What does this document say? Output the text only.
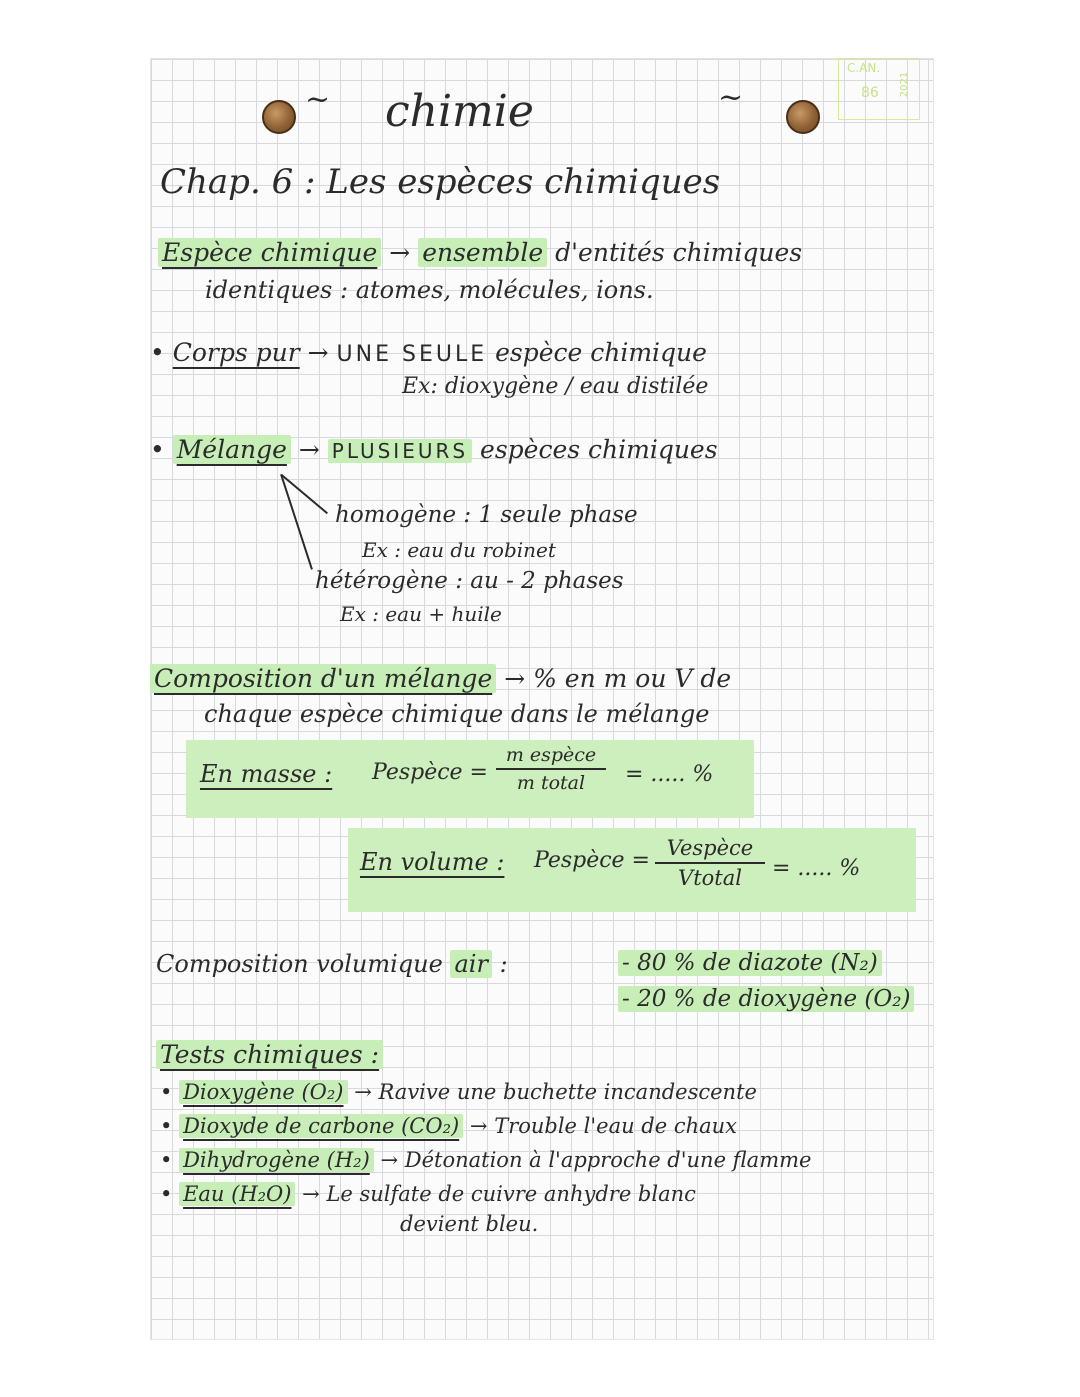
~ chimie	~
C.AN.
86 2021
Chap. 6 : Les espèces chimiques
Espèce chimique → ensemble d'entités chimiques
identiques : atomes, molécules, ions.
• Corps pur → UNE SEULE espèce chimique
Ex: dioxygène / eau distilée
• Mélange → PLUSIEURS espèces chimiques
homogène : 1 seule phase
Ex : eau du robinet
hétérogène : au - 2 phases
Ex : eau + huile
Composition d'un mélange → % en m ou V de
chaque espèce chimique dans le mélange
En masse : Pespèce =
m espèce
m total	= ..... %
En volume : Pespèce = Vespèce
Vtotal	= ..... %
Composition volumique air :	- 80 % de diazote (N₂)
- 20 % de dioxygène (O₂)
Tests chimiques :
• Dioxygène (O₂) → Ravive une buchette incandescente
• Dioxyde de carbone (CO₂) → Trouble l'eau de chaux
• Dihydrogène (H₂) → Détonation à l'approche d'une flamme
• Eau (H₂O) → Le sulfate de cuivre anhydre blanc
devient bleu.
